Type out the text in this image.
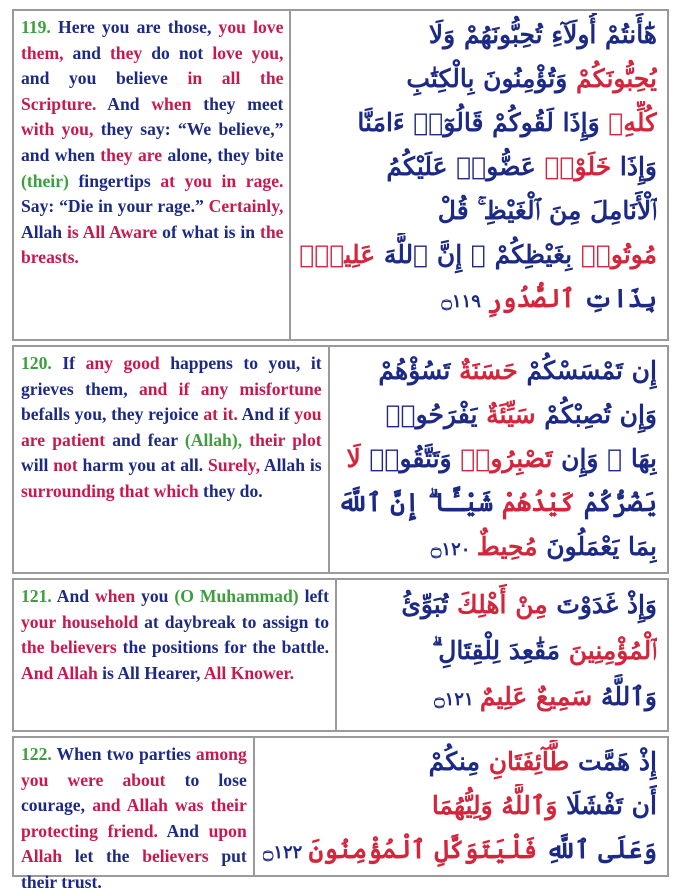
119. Here you are those, you love them, and they do not love you, and you believe in all the Scripture. And when they meet with you, they say: “We believe,” and when they are alone, they bite (their) fingertips at you in rage. Say: “Die in your rage.” Certainly, Allah is All Aware of what is in the breasts.
هَٰٓأَنتُمْ أُولَآءِ تُحِبُّونَهُمْ وَلَا
يُحِبُّونَكُمْ وَتُؤْمِنُونَ بِالْكِتَٰبِ
كُلِّهِۦ وَإِذَا لَقُوكُمْ قَالُوٓا۟ ءَامَنَّا
وَإِذَا خَلَوْا۟ عَضُّوا۟ عَلَيْكُمُ
ٱلْأَنَامِلَ مِنَ ٱلْغَيْظِ ۚ قُلْ
مُوتُوا۟ بِغَيْظِكُمْ ۗ إِنَّ ٱللَّهَ عَلِيمٌۢ
بِذَاتِ ٱلصُّدُورِ ۝١١٩
120. If any good happens to you, it grieves them, and if any misfortune befalls you, they rejoice at it. And if you are patient and fear (Allah), their plot will not harm you at all. Surely, Allah is surrounding that which they do.
إِن تَمْسَسْكُمْ حَسَنَةٌ تَسُؤْهُمْ
وَإِن تُصِبْكُمْ سَيِّئَةٌ يَفْرَحُوا۟
بِهَا ۖ وَإِن تَصْبِرُوا۟ وَتَتَّقُوا۟ لَا
يَضُرُّكُمْ كَيْدُهُمْ شَيْـًٔا ۗ إِنَّ ٱللَّهَ
بِمَا يَعْمَلُونَ مُحِيطٌ ۝١٢٠
121. And when you (O Muhammad) left your household at daybreak to assign to the believers the positions for the battle. And Allah is All Hearer, All Knower.
وَإِذْ غَدَوْتَ مِنْ أَهْلِكَ تُبَوِّئُ
ٱلْمُؤْمِنِينَ مَقَٰعِدَ لِلْقِتَالِ ۗ
وَٱللَّهُ سَمِيعٌ عَلِيمٌ ۝١٢١
122. When two parties among you were about to lose courage, and Allah was their protecting friend. And upon Allah let the believers put their trust.
إِذْ هَمَّت طَّآئِفَتَانِ مِنكُمْ
أَن تَفْشَلَا وَٱللَّهُ وَلِيُّهُمَا
وَعَلَى ٱللَّهِ فَلْيَتَوَكَّلِ ٱلْمُؤْمِنُونَ ۝١٢٢
